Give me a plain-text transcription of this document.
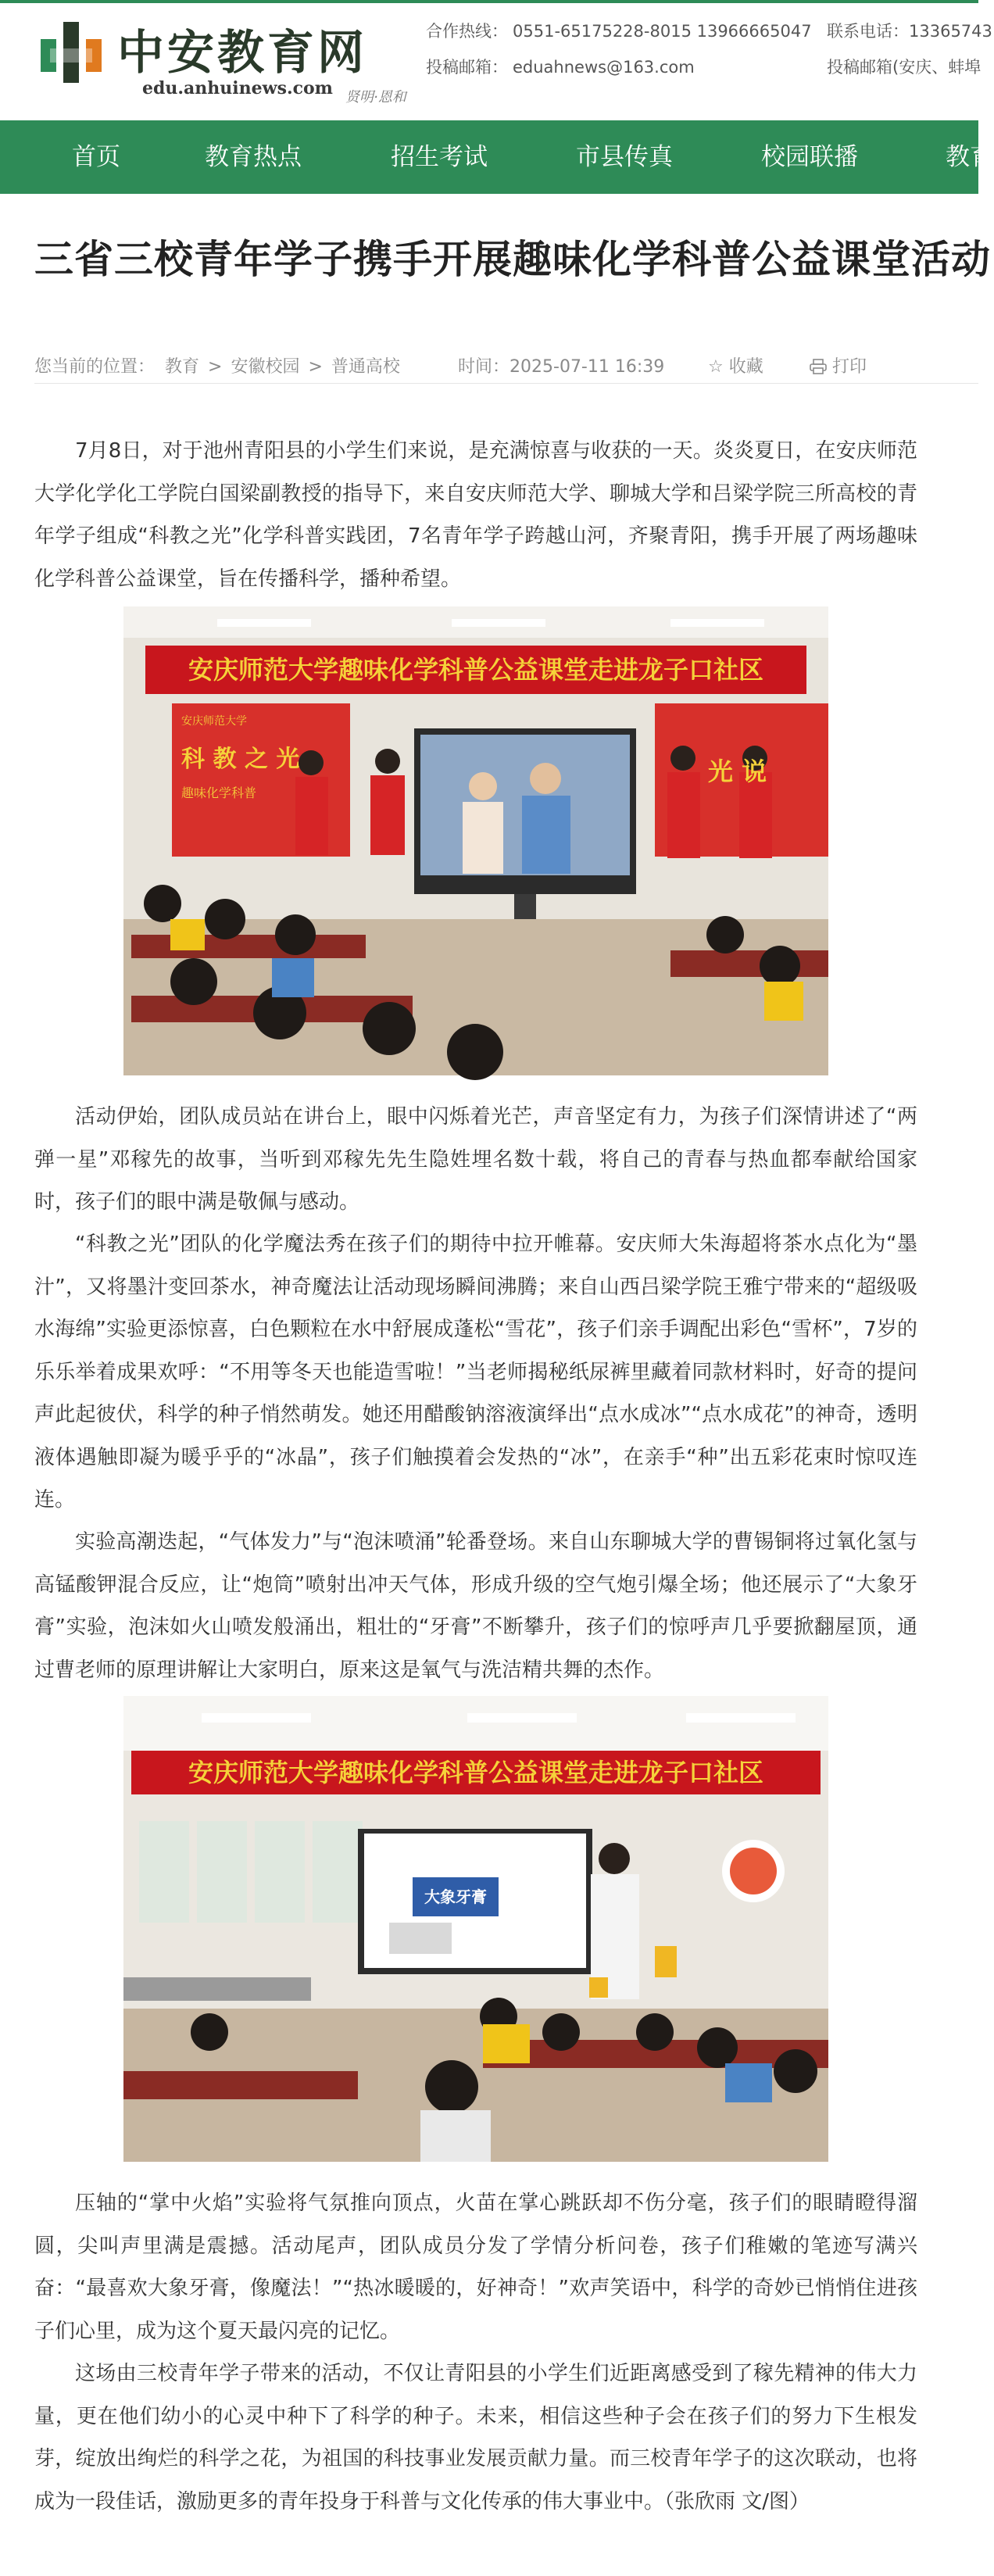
中安教育网
edu.anhuinews.com 贤明·恩和
合作热线： 0551-65175228-8015 13966665047
投稿邮箱： eduahnews@163.com
联系电话：13365743
投稿邮箱(安庆、蚌埠
首页	教育热点	招生考试	市县传真	校园联播	教育
三省三校青年学子携手开展趣味化学科普公益课堂活动
您当前的位置： 教育 > 安徽校园 > 普通高校	时间：2025-07-11 16:39	☆ 收藏	打印
7月8日，对于池州青阳县的小学生们来说，是充满惊喜与收获的一天。炎炎夏日，在安庆师范大学化学化工学院白国梁副教授的指导下，来自安庆师范大学、聊城大学和吕梁学院三所高校的青年学子组成“科教之光”化学科普实践团，7名青年学子跨越山河，齐聚青阳，携手开展了两场趣味化学科普公益课堂，旨在传播科学，播种希望。
安庆师范大学趣味化学科普公益课堂走进龙子口社区
安庆师范大学
科 教 之 光
趣味化学科普
光 说
活动伊始，团队成员站在讲台上，眼中闪烁着光芒，声音坚定有力，为孩子们深情讲述了“两弹一星”邓稼先的故事，当听到邓稼先先生隐姓埋名数十载，将自己的青春与热血都奉献给国家时，孩子们的眼中满是敬佩与感动。
“科教之光”团队的化学魔法秀在孩子们的期待中拉开帷幕。安庆师大朱海超将茶水点化为“墨汁”，又将墨汁变回茶水，神奇魔法让活动现场瞬间沸腾；来自山西吕梁学院王雅宁带来的“超级吸水海绵”实验更添惊喜，白色颗粒在水中舒展成蓬松“雪花”，孩子们亲手调配出彩色“雪杯”，7岁的乐乐举着成果欢呼：“不用等冬天也能造雪啦！”当老师揭秘纸尿裤里藏着同款材料时，好奇的提问声此起彼伏，科学的种子悄然萌发。她还用醋酸钠溶液演绎出“点水成冰”“点水成花”的神奇，透明液体遇触即凝为暖乎乎的“冰晶”，孩子们触摸着会发热的“冰”，在亲手“种”出五彩花束时惊叹连连。
实验高潮迭起，“气体发力”与“泡沫喷涌”轮番登场。来自山东聊城大学的曹锡铜将过氧化氢与高锰酸钾混合反应，让“炮筒”喷射出冲天气体，形成升级的空气炮引爆全场；他还展示了“大象牙膏”实验，泡沫如火山喷发般涌出，粗壮的“牙膏”不断攀升，孩子们的惊呼声几乎要掀翻屋顶，通过曹老师的原理讲解让大家明白，原来这是氧气与洗洁精共舞的杰作。
安庆师范大学趣味化学科普公益课堂走进龙子口社区
大象牙膏
压轴的“掌中火焰”实验将气氛推向顶点，火苗在掌心跳跃却不伤分毫，孩子们的眼睛瞪得溜圆，尖叫声里满是震撼。活动尾声，团队成员分发了学情分析问卷，孩子们稚嫩的笔迹写满兴奋：“最喜欢大象牙膏，像魔法！”“热冰暖暖的，好神奇！”欢声笑语中，科学的奇妙已悄悄住进孩子们心里，成为这个夏天最闪亮的记忆。
这场由三校青年学子带来的活动，不仅让青阳县的小学生们近距离感受到了稼先精神的伟大力量，更在他们幼小的心灵中种下了科学的种子。未来，相信这些种子会在孩子们的努力下生根发芽，绽放出绚烂的科学之花，为祖国的科技事业发展贡献力量。而三校青年学子的这次联动，也将成为一段佳话，激励更多的青年投身于科普与文化传承的伟大事业中。（张欣雨 文/图）
